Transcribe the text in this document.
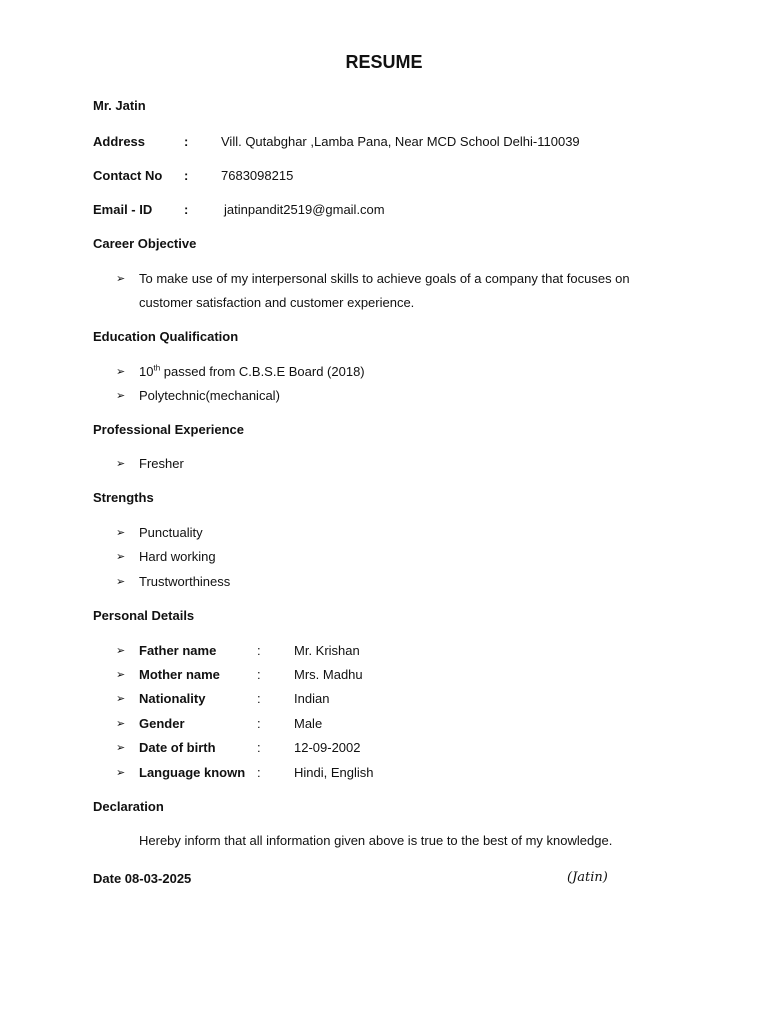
RESUME
Mr. Jatin
Address	:	Vill. Qutabghar ,Lamba Pana, Near MCD School Delhi-110039
Contact No :	7683098215
Email - ID :	jatinpandit2519@gmail.com
Career Objective
➢ To make use of my interpersonal skills to achieve goals of a company that focuses on
customer satisfaction and customer experience.
Education Qualification
➢ 10th passed from C.B.S.E Board (2018)
➢ Polytechnic(mechanical)
Professional Experience
➢ Fresher
Strengths
➢ Punctuality
➢ Hard working
➢ Trustworthiness
Personal Details
➢ Father name	:	Mr. Krishan
➢ Mother name	:	Mrs. Madhu
➢ Nationality	:	Indian
➢ Gender	:	Male
➢ Date of birth	:	12-09-2002
➢ Language known :	Hindi, English
Declaration
Hereby inform that all information given above is true to the best of my knowledge.
Date 08-03-2025	(Jatin)
